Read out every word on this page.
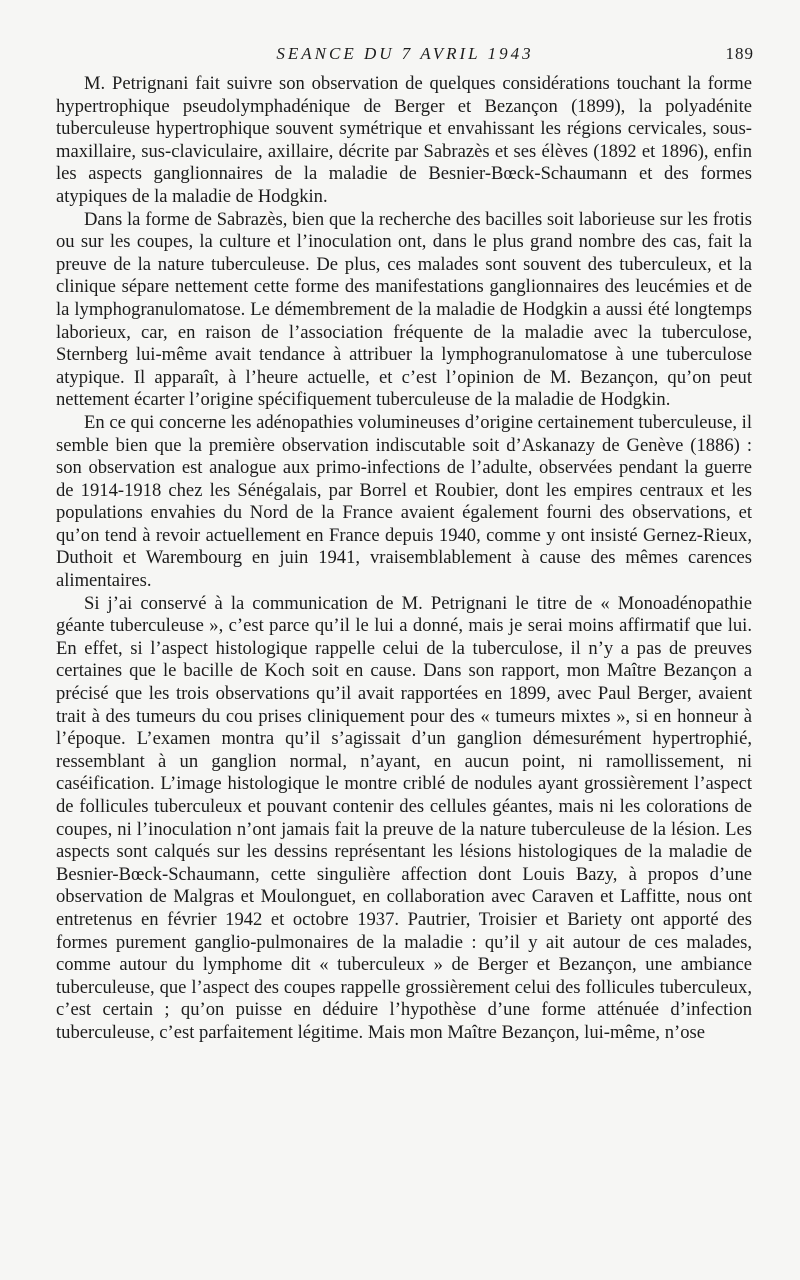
SEANCE DU 7 AVRIL 1943	189

M. Petrignani fait suivre son observation de quelques considérations touchant la forme hypertrophique pseudolymphadénique de Berger et Bezançon (1899), la polyadénite tuberculeuse hypertrophique souvent symétrique et envahissant les régions cervicales, sous-maxillaire, sus-claviculaire, axillaire, décrite par Sabrazès et ses élèves (1892 et 1896), enfin les aspects ganglionnaires de la maladie de Besnier-Bœck-Schaumann et des formes atypiques de la maladie de Hodgkin.

Dans la forme de Sabrazès, bien que la recherche des bacilles soit laborieuse sur les frotis ou sur les coupes, la culture et l’inoculation ont, dans le plus grand nombre des cas, fait la preuve de la nature tuberculeuse. De plus, ces malades sont souvent des tuberculeux, et la clinique sépare nettement cette forme des manifestations ganglionnaires des leucémies et de la lymphogranulomatose. Le démembrement de la maladie de Hodgkin a aussi été longtemps laborieux, car, en raison de l’association fréquente de la maladie avec la tuberculose, Sternberg lui-même avait tendance à attribuer la lymphogranulomatose à une tuberculose atypique. Il apparaît, à l’heure actuelle, et c’est l’opinion de M. Bezançon, qu’on peut nettement écarter l’origine spécifiquement tuberculeuse de la maladie de Hodgkin.

En ce qui concerne les adénopathies volumineuses d’origine certainement tuberculeuse, il semble bien que la première observation indiscutable soit d’Askanazy de Genève (1886) : son observation est analogue aux primo-infections de l’adulte, observées pendant la guerre de 1914-1918 chez les Sénégalais, par Borrel et Roubier, dont les empires centraux et les populations envahies du Nord de la France avaient également fourni des observations, et qu’on tend à revoir actuellement en France depuis 1940, comme y ont insisté Gernez-Rieux, Duthoit et Warembourg en juin 1941, vraisemblablement à cause des mêmes carences alimentaires.

Si j’ai conservé à la communication de M. Petrignani le titre de « Monoadénopathie géante tuberculeuse », c’est parce qu’il le lui a donné, mais je serai moins affirmatif que lui. En effet, si l’aspect histologique rappelle celui de la tuberculose, il n’y a pas de preuves certaines que le bacille de Koch soit en cause. Dans son rapport, mon Maître Bezançon a précisé que les trois observations qu’il avait rapportées en 1899, avec Paul Berger, avaient trait à des tumeurs du cou prises cliniquement pour des « tumeurs mixtes », si en honneur à l’époque. L’examen montra qu’il s’agissait d’un ganglion démesurément hypertrophié, ressemblant à un ganglion normal, n’ayant, en aucun point, ni ramollissement, ni caséification. L’image histologique le montre criblé de nodules ayant grossièrement l’aspect de follicules tuberculeux et pouvant contenir des cellules géantes, mais ni les colorations de coupes, ni l’inoculation n’ont jamais fait la preuve de la nature tuberculeuse de la lésion. Les aspects sont calqués sur les dessins représentant les lésions histologiques de la maladie de Besnier-Bœck-Schaumann, cette singulière affection dont Louis Bazy, à propos d’une observation de Malgras et Moulonguet, en collaboration avec Caraven et Laffitte, nous ont entretenus en février 1942 et octobre 1937. Pautrier, Troisier et Bariety ont apporté des formes purement ganglio-pulmonaires de la maladie : qu’il y ait autour de ces malades, comme autour du lymphome dit « tuberculeux » de Berger et Bezançon, une ambiance tuberculeuse, que l’aspect des coupes rappelle grossièrement celui des follicules tuberculeux, c’est certain ; qu’on puisse en déduire l’hypothèse d’une forme atténuée d’infection tuberculeuse, c’est parfaitement légitime. Mais mon Maître Bezançon, lui-même, n’ose
